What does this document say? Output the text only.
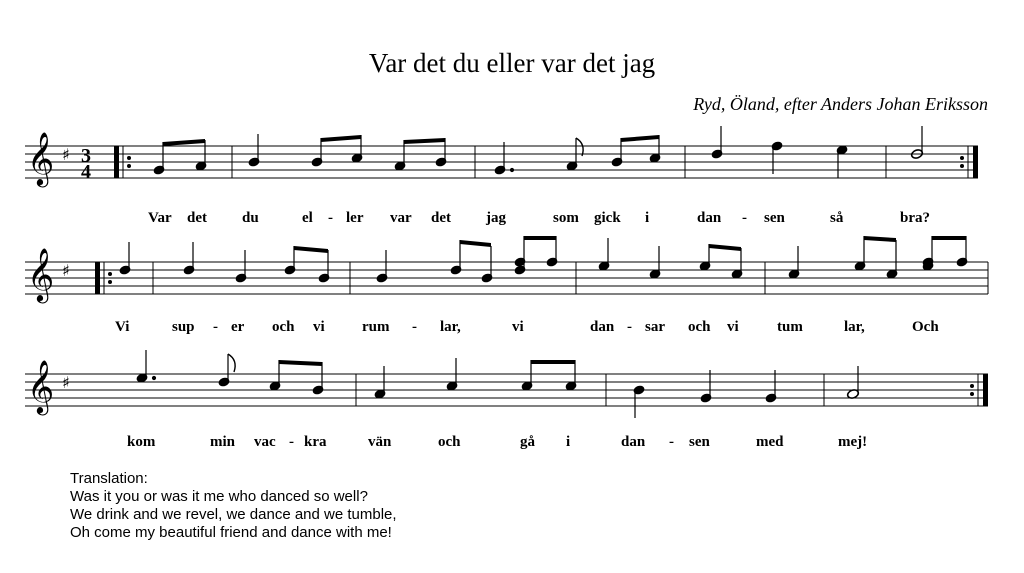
Var det du eller var det jag
Ryd, Öland, efter Anders Johan Eriksson
𝄞 ♯ 3
4
Var det du	el - ler var det jag	som gick i	dan - sen	så	bra?
𝄞 ♯
Vi	sup - er och vi rum - lar,	vi	dan - sar och vi	tum	lar,	Och
𝄞 ♯
kom	min vac - kra	vän	och	gå i	dan - sen	med	mej!
Translation:
Was it you or was it me who danced so well?
We drink and we revel, we dance and we tumble,
Oh come my beautiful friend and dance with me!
